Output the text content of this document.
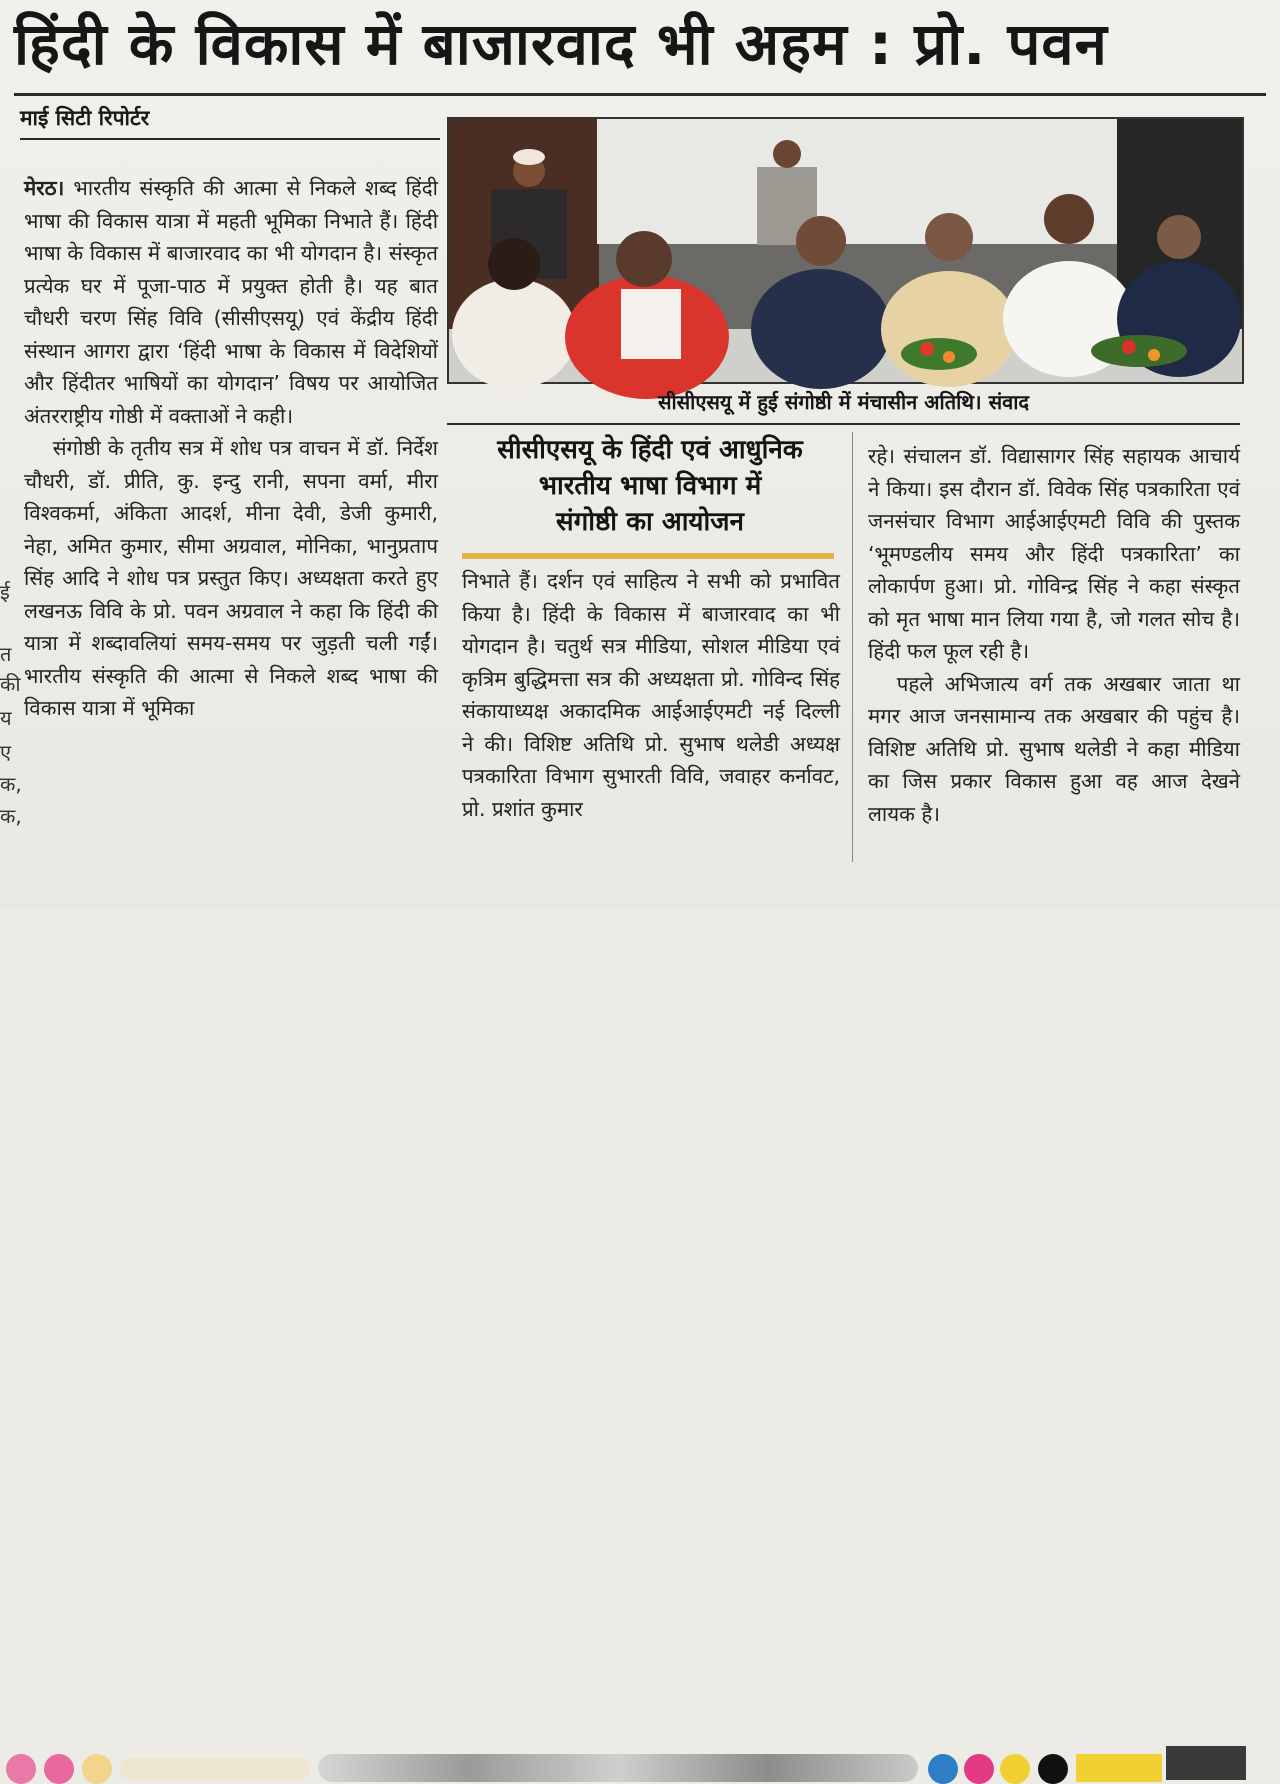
हिंदी के विकास में बाजारवाद भी अहम : प्रो. पवन
माई सिटी रिपोर्टर
ई
त
की
य
ए
क,
क,

मेरठ। भारतीय संस्कृति की आत्मा से निकले शब्द हिंदी भाषा की विकास यात्रा में महती भूमिका निभाते हैं। हिंदी भाषा के विकास में बाजारवाद का भी योगदान है। संस्कृत प्रत्येक घर में पूजा-पाठ में प्रयुक्त होती है। यह बात चौधरी चरण सिंह विवि (सीसीएसयू) एवं केंद्रीय हिंदी संस्थान आगरा द्वारा ‘हिंदी भाषा के विकास में विदेशियों और हिंदीतर भाषियों का योगदान’ विषय पर आयोजित अंतरराष्ट्रीय गोष्ठी में वक्ताओं ने कही।

संगोष्ठी के तृतीय सत्र में शोध पत्र वाचन में डॉ. निर्देश चौधरी, डॉ. प्रीति, कु. इन्दु रानी, सपना वर्मा, मीरा विश्वकर्मा, अंकिता आदर्श, मीना देवी, डेजी कुमारी, नेहा, अमित कुमार, सीमा अग्रवाल, मोनिका, भानुप्रताप सिंह आदि ने शोध पत्र प्रस्तुत किए। अध्यक्षता करते हुए लखनऊ विवि के प्रो. पवन अग्रवाल ने कहा कि हिंदी की यात्रा में शब्दावलियां समय-समय पर जुड़ती चली गईं। भारतीय संस्कृति की आत्मा से निकले शब्द भाषा की विकास यात्रा में भूमिका

सीसीएसयू में हुई संगोष्ठी में मंचासीन अतिथि। संवाद
सीसीएसयू के हिंदी एवं आधुनिक
भारतीय भाषा विभाग में
संगोष्ठी का आयोजन

निभाते हैं। दर्शन एवं साहित्य ने सभी को प्रभावित किया है। हिंदी के विकास में बाजारवाद का भी योगदान है। चतुर्थ सत्र मीडिया, सोशल मीडिया एवं कृत्रिम बुद्धिमत्ता सत्र की अध्यक्षता प्रो. गोविन्द सिंह संकायाध्यक्ष अकादमिक आईआईएमटी नई दिल्ली ने की। विशिष्ट अतिथि प्रो. सुभाष थलेडी अध्यक्ष पत्रकारिता विभाग सुभारती विवि, जवाहर कर्नावट, प्रो. प्रशांत कुमार

रहे। संचालन डॉ. विद्यासागर सिंह सहायक आचार्य ने किया। इस दौरान डॉ. विवेक सिंह पत्रकारिता एवं जनसंचार विभाग आईआईएमटी विवि की पुस्तक ‘भूमण्डलीय समय और हिंदी पत्रकारिता’ का लोकार्पण हुआ। प्रो. गोविन्द्र सिंह ने कहा संस्कृत को मृत भाषा मान लिया गया है, जो गलत सोच है। हिंदी फल फूल रही है।

पहले अभिजात्य वर्ग तक अखबार जाता था मगर आज जनसामान्य तक अखबार की पहुंच है। विशिष्ट अतिथि प्रो. सुभाष थलेडी ने कहा मीडिया का जिस प्रकार विकास हुआ वह आज देखने लायक है।
